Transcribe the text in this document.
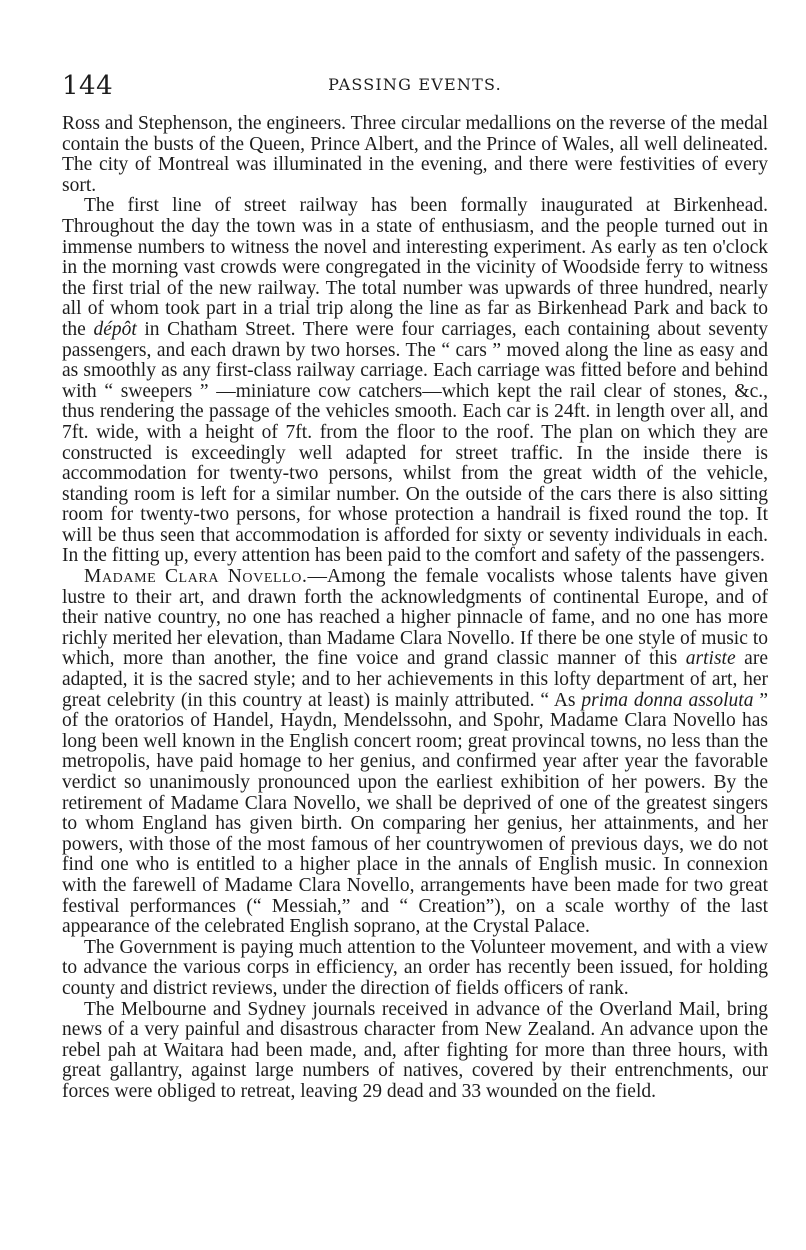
144	PASSING EVENTS.

Ross and Stephenson, the engineers. Three circular medallions on the reverse of the medal contain the busts of the Queen, Prince Albert, and the Prince of Wales, all well delineated. The city of Montreal was illuminated in the evening, and there were festivities of every sort.

The first line of street railway has been formally inaugurated at Birkenhead. Throughout the day the town was in a state of enthusiasm, and the people turned out in immense numbers to witness the novel and interesting experiment. As early as ten o'clock in the morning vast crowds were congregated in the vicinity of Woodside ferry to witness the first trial of the new railway. The total number was upwards of three hundred, nearly all of whom took part in a trial trip along the line as far as Birkenhead Park and back to the dépôt in Chatham Street. There were four carriages, each containing about seventy passengers, and each drawn by two horses. The “ cars ” moved along the line as easy and as smoothly as any first-class railway carriage. Each carriage was fitted before and behind with “ sweepers ” —miniature cow catchers—which kept the rail clear of stones, &c., thus rendering the passage of the vehicles smooth. Each car is 24ft. in length over all, and 7ft. wide, with a height of 7ft. from the floor to the roof. The plan on which they are constructed is exceedingly well adapted for street traffic. In the inside there is accommodation for twenty-two persons, whilst from the great width of the vehicle, standing room is left for a similar number. On the outside of the cars there is also sitting room for twenty-two persons, for whose protection a handrail is fixed round the top. It will be thus seen that accommodation is afforded for sixty or seventy individuals in each. In the fitting up, every attention has been paid to the comfort and safety of the passengers.

Madame Clara Novello.—Among the female vocalists whose talents have given lustre to their art, and drawn forth the acknowledgments of continental Europe, and of their native country, no one has reached a higher pinnacle of fame, and no one has more richly merited her elevation, than Madame Clara Novello. If there be one style of music to which, more than another, the fine voice and grand classic manner of this artiste are adapted, it is the sacred style; and to her achievements in this lofty department of art, her great celebrity (in this country at least) is mainly attributed. “ As prima donna assoluta ” of the oratorios of Handel, Haydn, Mendelssohn, and Spohr, Madame Clara Novello has long been well known in the English concert room; great provincal towns, no less than the metropolis, have paid homage to her genius, and confirmed year after year the favorable verdict so unanimously pronounced upon the earliest exhibition of her powers. By the retirement of Madame Clara Novello, we shall be deprived of one of the greatest singers to whom England has given birth. On comparing her genius, her attainments, and her powers, with those of the most famous of her countrywomen of previous days, we do not find one who is entitled to a higher place in the annals of English music. In connexion with the farewell of Madame Clara Novello, arrangements have been made for two great festival performances (“ Messiah,” and “ Creation”), on a scale worthy of the last appearance of the celebrated English soprano, at the Crystal Palace.

The Government is paying much attention to the Volunteer movement, and with a view to advance the various corps in efficiency, an order has recently been issued, for holding county and district reviews, under the direction of fields officers of rank.

The Melbourne and Sydney journals received in advance of the Overland Mail, bring news of a very painful and disastrous character from New Zealand. An advance upon the rebel pah at Waitara had been made, and, after fighting for more than three hours, with great gallantry, against large numbers of natives, covered by their entrenchments, our forces were obliged to retreat, leaving 29 dead and 33 wounded on the field.
